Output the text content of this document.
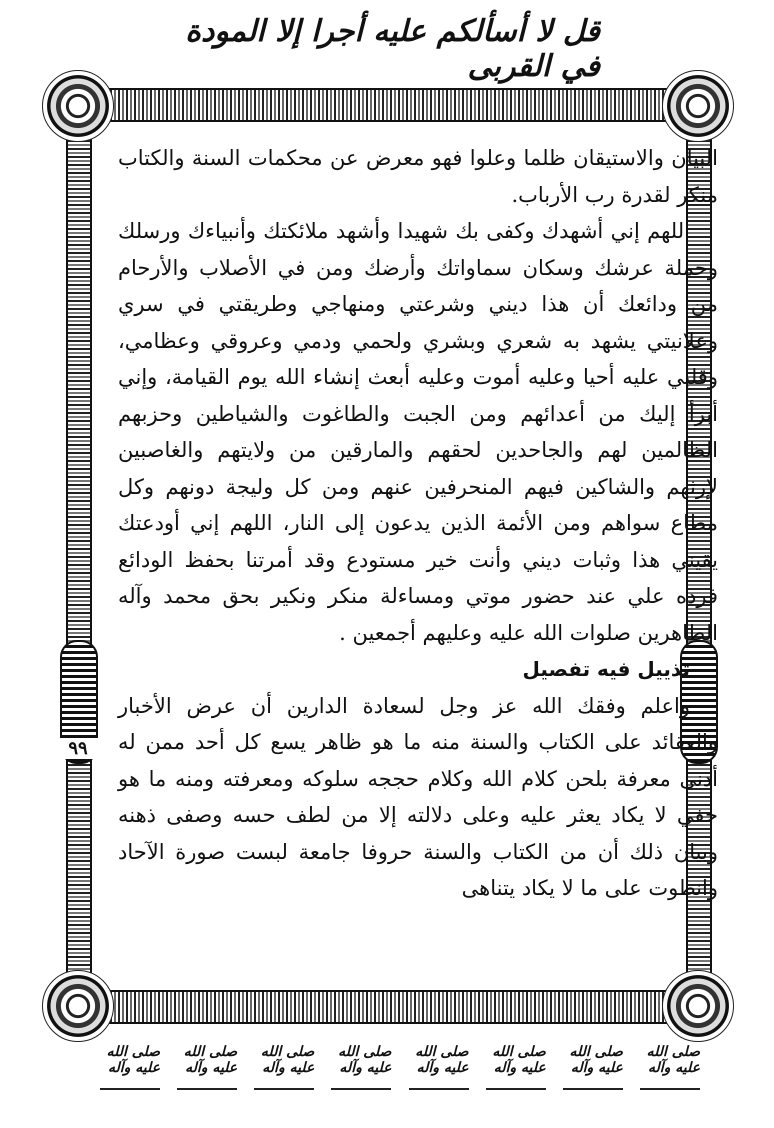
قل لا أسألكم عليه أجرا إلا المودة في القربى
٩٩

البيان والاستيقان ظلما وعلوا فهو معرض عن محكمات السنة والكتاب منكر لقدرة رب الأرباب.

اللهم إني أشهدك وكفى بك شهيدا وأشهد ملائكتك وأنبياءك ورسلك وحملة عرشك وسكان سماواتك وأرضك ومن في الأصلاب والأرحام من ودائعك أن هذا ديني وشرعتي ومنهاجي وطريقتي في سري وعلانيتي يشهد به شعري وبشري ولحمي ودمي وعروقي وعظامي، وقلبي عليه أحيا وعليه أموت وعليه أبعث إنشاء الله يوم القيامة، وإني أبرأ إليك من أعدائهم ومن الجبت والطاغوت والشياطين وحزبهم الظالمين لهم والجاحدين لحقهم والمارقين من ولايتهم والغاصبين لإرثهم والشاكين فيهم المنحرفين عنهم ومن كل وليجة دونهم وكل مطاع سواهم ومن الأئمة الذين يدعون إلى النار، اللهم إني أودعتك يقيني هذا وثبات ديني وأنت خير مستودع وقد أمرتنا بحفظ الودائع فرده علي عند حضور موتي ومساءلة منكر ونكير بحق محمد وآله الطاهرين صلوات الله عليه وعليهم أجمعين .

تذييل فيه تفصيل

واعلم وفقك الله عز وجل لسعادة الدارين أن عرض الأخبار والعقائد على الكتاب والسنة منه ما هو ظاهر يسع كل أحد ممن له أدنى معرفة بلحن كلام الله وكلام حججه سلوكه ومعرفته ومنه ما هو خفي لا يكاد يعثر عليه وعلى دلالته إلا من لطف حسه وصفى ذهنه وبيان ذلك أن من الكتاب والسنة حروفا جامعة لبست صورة الآحاد وانطوت على ما لا يكاد يتناهى

صلى الله عليه وآله
صلى الله عليه وآله
صلى الله عليه وآله
صلى الله عليه وآله
صلى الله عليه وآله
صلى الله عليه وآله
صلى الله عليه وآله
صلى الله عليه وآله
